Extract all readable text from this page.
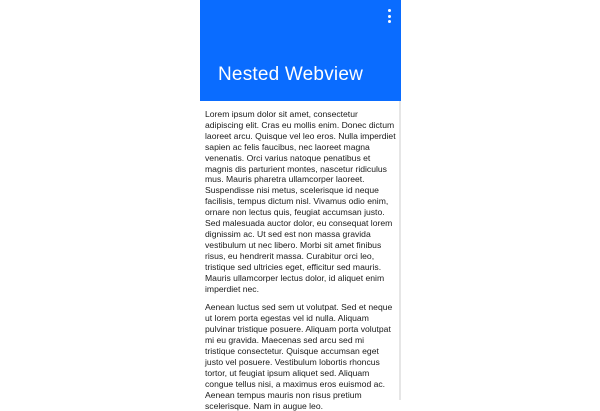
Nested Webview

Lorem ipsum dolor sit amet, consectetur adipiscing elit. Cras eu mollis enim. Donec dictum laoreet arcu. Quisque vel leo eros. Nulla imperdiet sapien ac felis faucibus, nec laoreet magna venenatis. Orci varius natoque penatibus et magnis dis parturient montes, nascetur ridiculus mus. Mauris pharetra ullamcorper laoreet. Suspendisse nisi metus, scelerisque id neque facilisis, tempus dictum nisl. Vivamus odio enim, ornare non lectus quis, feugiat accumsan justo. Sed malesuada auctor dolor, eu consequat lorem dignissim ac. Ut sed est non massa gravida vestibulum ut nec libero. Morbi sit amet finibus risus, eu hendrerit massa. Curabitur orci leo, tristique sed ultricies eget, efficitur sed mauris. Mauris ullamcorper lectus dolor, id aliquet enim imperdiet nec.

Aenean luctus sed sem ut volutpat. Sed et neque ut lorem porta egestas vel id nulla. Aliquam pulvinar tristique posuere. Aliquam porta volutpat mi eu gravida. Maecenas sed arcu sed mi tristique consectetur. Quisque accumsan eget justo vel posuere. Vestibulum lobortis rhoncus tortor, ut feugiat ipsum aliquet sed. Aliquam congue tellus nisi, a maximus eros euismod ac. Aenean tempus mauris non risus pretium scelerisque. Nam in augue leo.
